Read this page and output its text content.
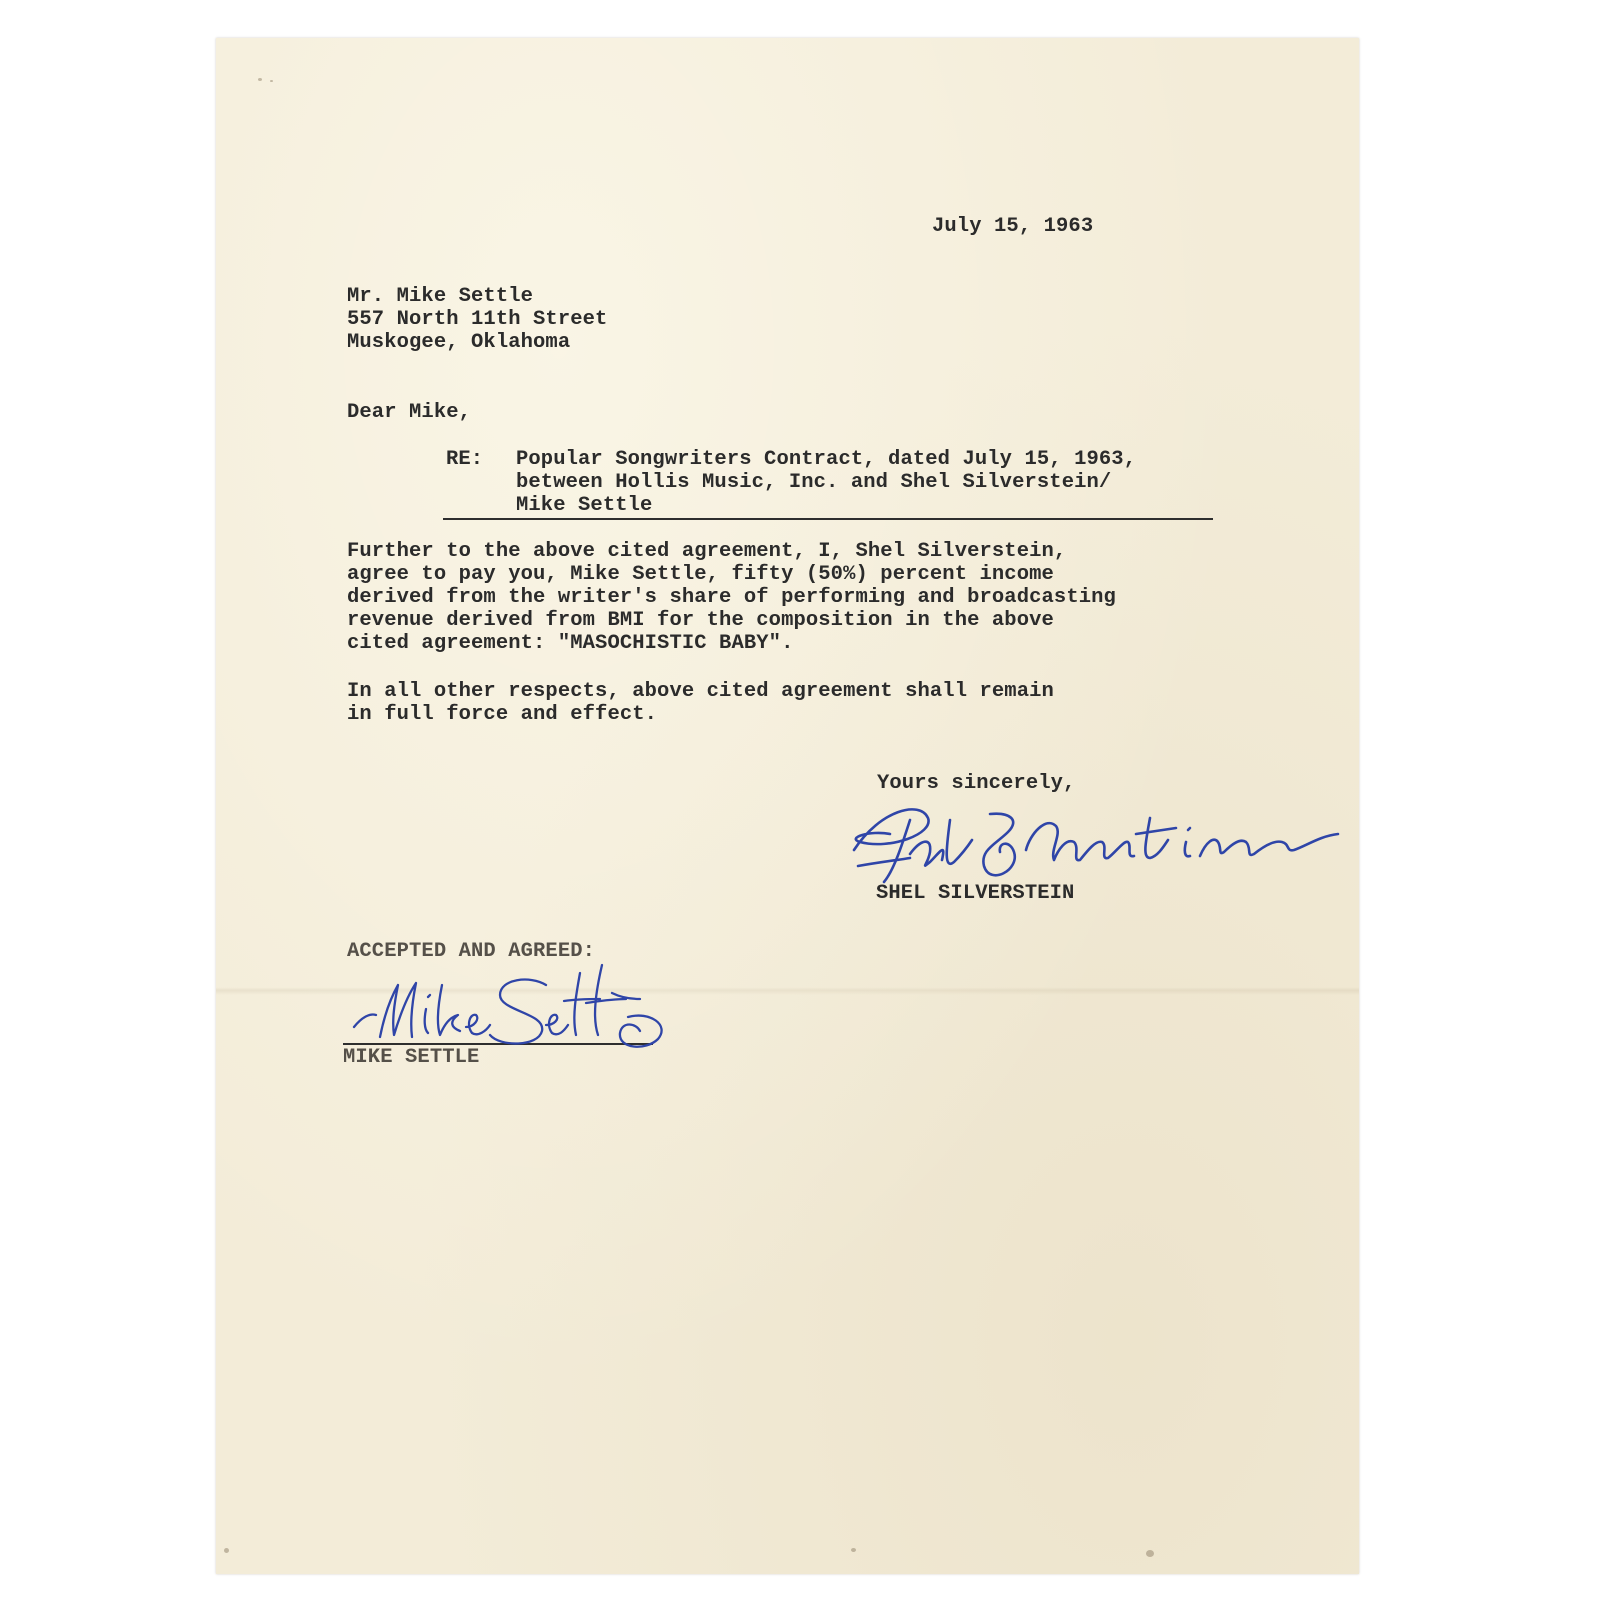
July 15, 1963

Mr. Mike Settle

557 North 11th Street

Muskogee, Oklahoma

Dear Mike,

RE: Popular Songwriters Contract, dated July 15, 1963,

between Hollis Music, Inc. and Shel Silverstein/

Mike Settle

Further to the above cited agreement, I, Shel Silverstein,

agree to pay you, Mike Settle, fifty (50%) percent income

derived from the writer's share of performing and broadcasting

revenue derived from BMI for the composition in the above

cited agreement: "MASOCHISTIC BABY".

In all other respects, above cited agreement shall remain

in full force and effect.

Yours sincerely,

SHEL SILVERSTEIN

ACCEPTED AND AGREED:

MIKE SETTLE
